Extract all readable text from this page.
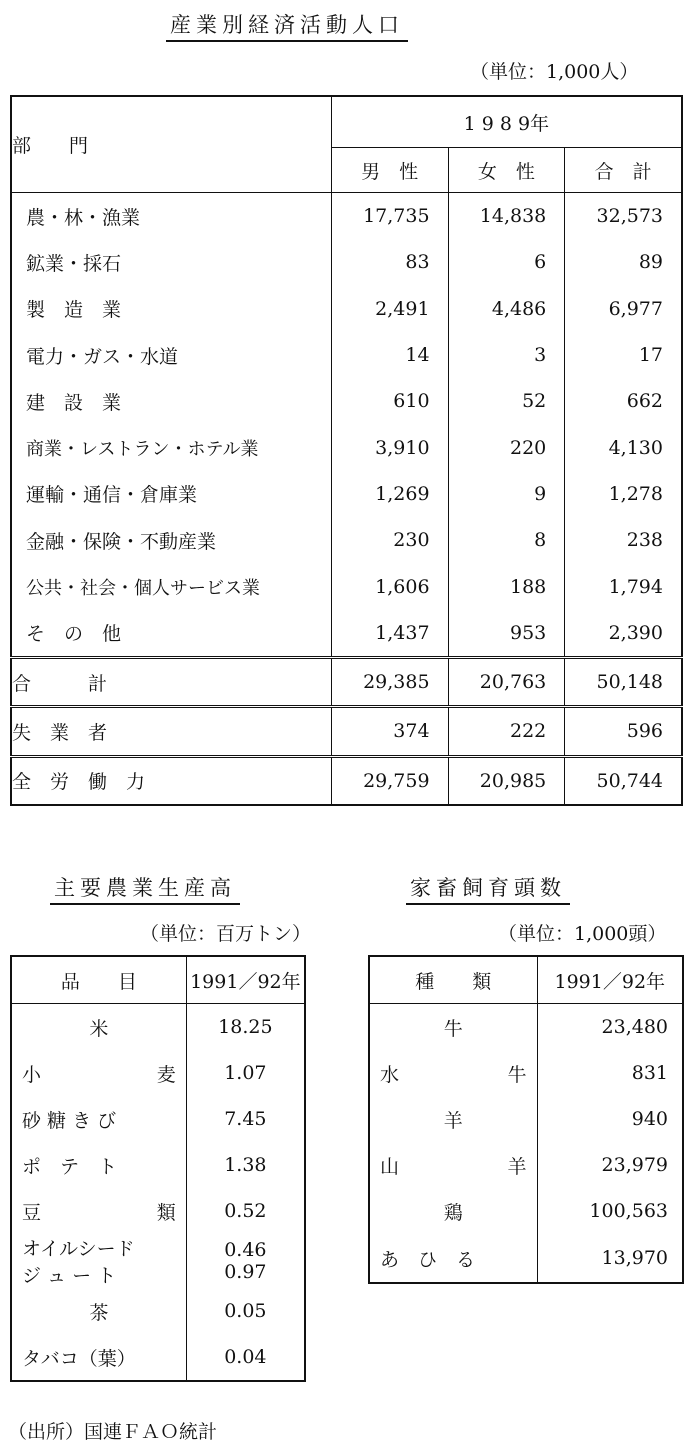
産業別経済活動人口
（単位：1,000人）
部　　門	1 9 8 9年		
	男　性	女　性	合　計
農・林・漁業	17,735	14,838	32,573
鉱業・採石	83	6	89
製　造　業	2,491	4,486	6,977
電力・ガス・水道	14	3	17
建　設　業	610	52	662
商業・レストラン・ホテル業	3,910	220	4,130
運輸・通信・倉庫業	1,269	9	1,278
金融・保険・不動産業	230	8	238
公共・社会・個人サービス業	1,606	188	1,794
そ　の　他	1,437	953	2,390
合　　　計	29,385	20,763	50,148
失　業　者	374	222	596
全　労　働　力	29,759	20,985	50,744
主要農業生産高
（単位：百万トン）
品　　目	1991／92年
米	18.25

小 麦	1.07
砂 糖 き び	7.45
ポ　テ　ト	1.38

豆 類	0.52
オイルシード	0.46
ジ ュ ー ト	0.97
茶	0.05
タバコ（葉）	0.04
家畜飼育頭数
（単位：1,000頭）
種　　類	1991／92年
牛	23,480

水 牛	831
羊	940

山 羊	23,979
鶏	100,563
あ　ひ　る	13,970
（出所）国連ＦＡＯ統計
